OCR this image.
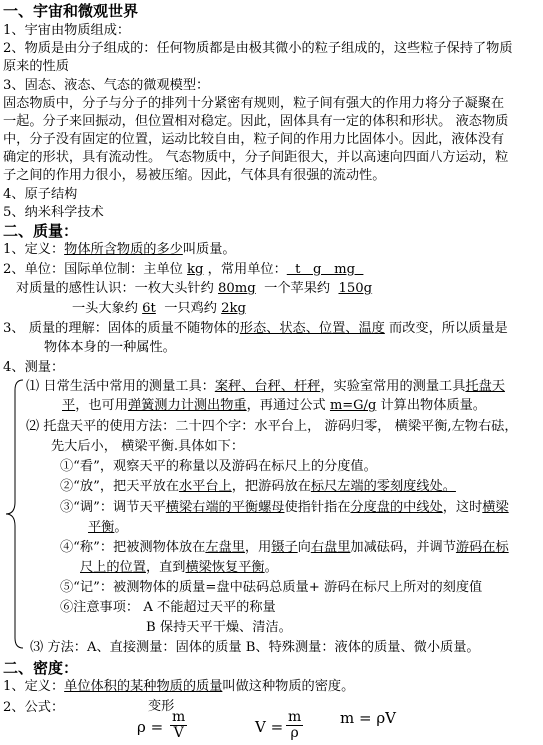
一、宇宙和微观世界
1、宇宙由物质组成：
2、物质是由分子组成的：任何物质都是由极其微小的粒子组成的，这些粒子保持了物质
原来的性质
3、固态、液态、气态的微观模型：
固态物质中，分子与分子的排列十分紧密有规则，粒子间有强大的作用力将分子凝聚在
一起。分子来回振动，但位置相对稳定。因此，固体具有一定的体积和形状。 液态物质
中，分子没有固定的位置，运动比较自由，粒子间的作用力比固体小。因此，液体没有
确定的形状，具有流动性。 气态物质中，分子间距很大，并以高速向四面八方运动，粒
子之间的作用力很小，易被压缩。因此，气体具有很强的流动性。
4、原子结构
5、纳米科学技术
二、质量：
1、定义：物体所含物质的多少叫质量。
2、单位：国际单位制：主单位 kg ，常用单位：  t   g   mg
对质量的感性认识：一枚大头针约 80mg  一个苹果约  150g
一头大象约 6t  一只鸡约 2kg
3、 质量的理解：固体的质量不随物体的形态、状态、位置、温度 而改变，所以质量是
物体本身的一种属性。
4、测量：
⑴ 日常生活中常用的测量工具：案秤、台秤、杆秤，实验室常用的测量工具托盘天
平，也可用弹簧测力计测出物重，再通过公式 m=G/g 计算出物体质量。
⑵ 托盘天平的使用方法：二十四个字：水平台上， 游码归零， 横梁平衡,左物右砝，
先大后小， 横梁平衡.具体如下：
①“看”，观察天平的称量以及游码在标尺上的分度值。
②“放”，把天平放在水平台上，把游码放在标尺左端的零刻度线处。
③“调”：调节天平横梁右端的平衡螺母使指针指在分度盘的中线处，这时横梁
平衡。
④“称”：把被测物体放在左盘里，用镊子向右盘里加减砝码，并调节游码在标
尺上的位置，直到横梁恢复平衡。
⑤“记”：被测物体的质量=盘中砝码总质量+ 游码在标尺上所对的刻度值
⑥注意事项： A 不能超过天平的称量
B 保持天平干燥、清洁。
⑶ 方法：A、直接测量：固体的质量 B、特殊测量：液体的质量、微小质量。
二、密度：
1、定义：单位体积的某种物质的质量叫做这种物质的密度。
2、公式：	变形
$\rho = \frac{m}{V}$	$V = \frac{m}{\rho}$ m = ρV
